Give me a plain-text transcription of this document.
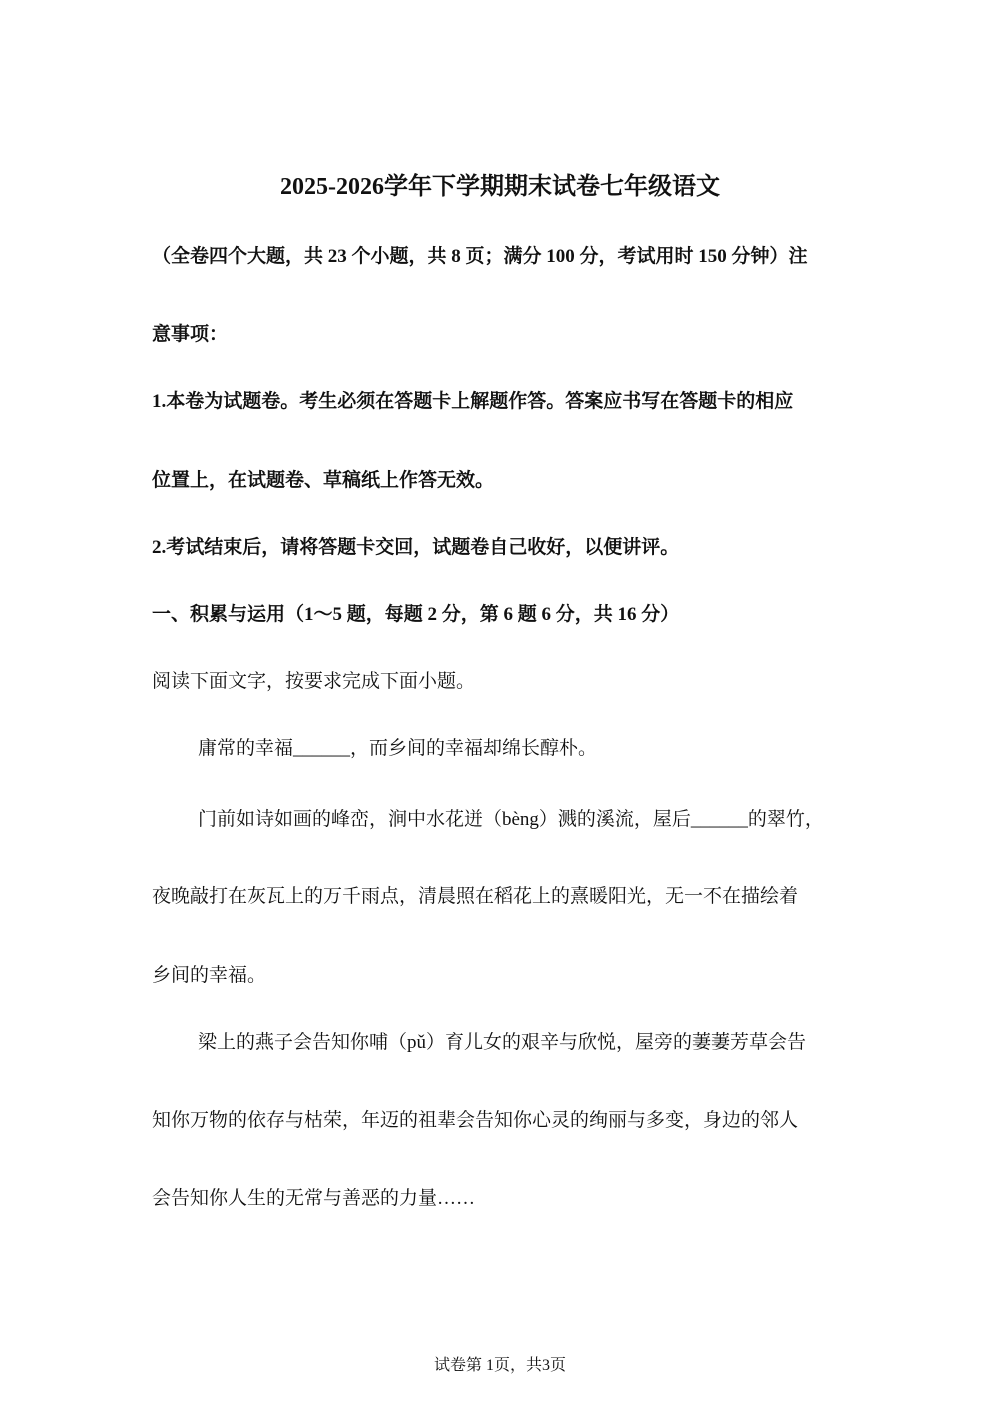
2025-2026学年下学期期末试卷七年级语文
（全卷四个大题，共 23 个小题，共 8 页；满分 100 分，考试用时 150 分钟）注
意事项：
1.本卷为试题卷。考生必须在答题卡上解题作答。答案应书写在答题卡的相应
位置上，在试题卷、草稿纸上作答无效。
2.考试结束后，请将答题卡交回，试题卷自己收好，以便讲评。
一、积累与运用（1～5 题，每题 2 分，第 6 题 6 分，共 16 分）
阅读下面文字，按要求完成下面小题。
庸常的幸福______，而乡间的幸福却绵长醇朴。
门前如诗如画的峰峦，涧中水花迸（bèng）溅的溪流，屋后______的翠竹，
夜晚敲打在灰瓦上的万千雨点，清晨照在稻花上的熹暖阳光，无一不在描绘着
乡间的幸福。
梁上的燕子会告知你哺（pǔ）育儿女的艰辛与欣悦，屋旁的萋萋芳草会告
知你万物的依存与枯荣，年迈的祖辈会告知你心灵的绚丽与多变，身边的邻人
会告知你人生的无常与善恶的力量……
试卷第 1页，共3页
